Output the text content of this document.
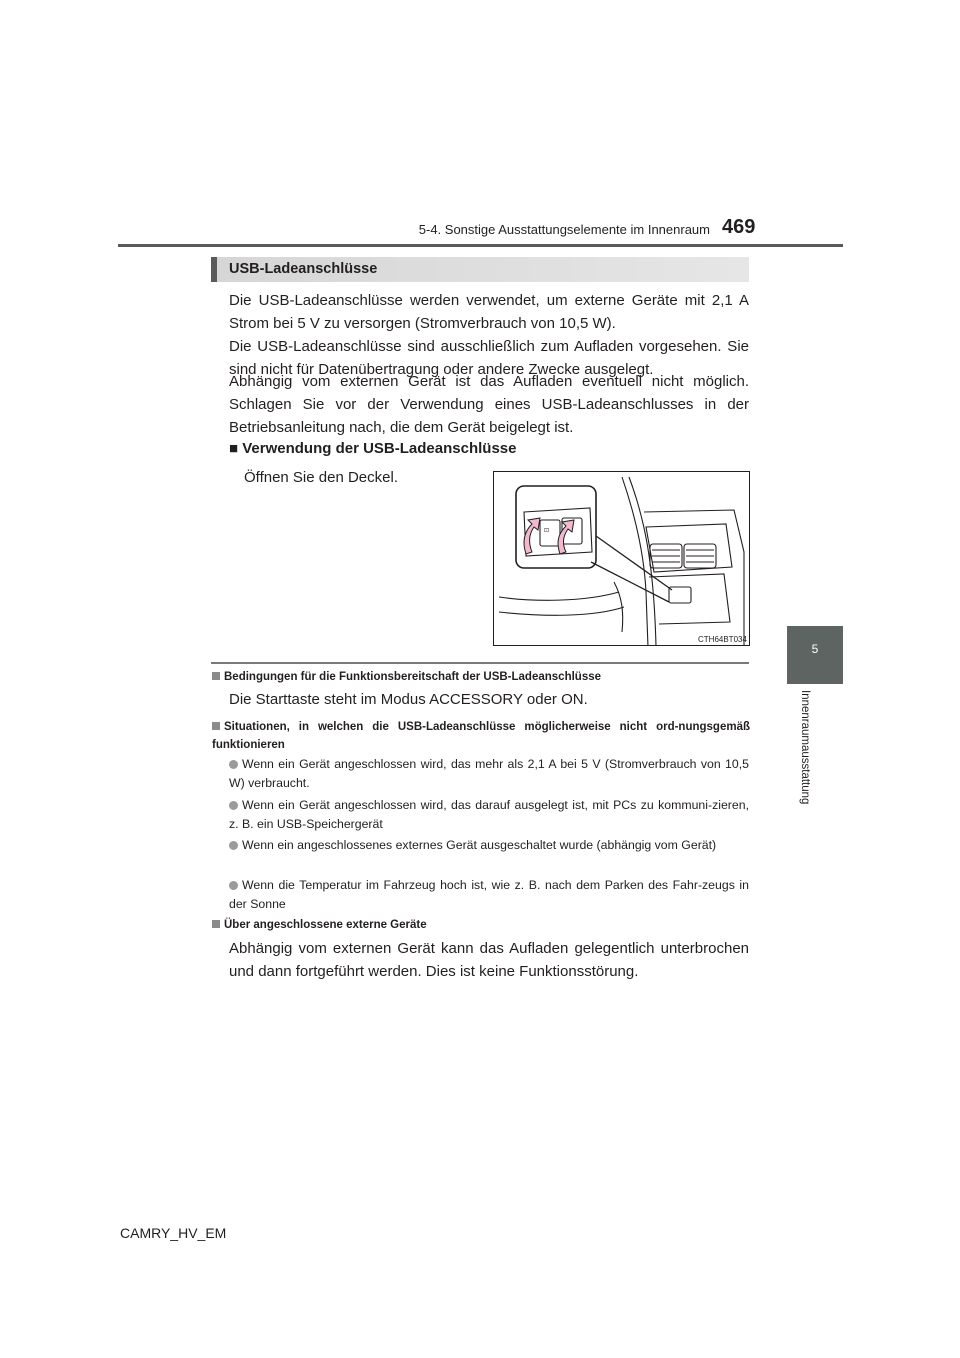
5-4. Sonstige Ausstattungselemente im Innenraum 469
5
Innenraumausstattung
USB-Ladeanschlüsse
Die USB-Ladeanschlüsse werden verwendet, um externe Geräte mit 2,1 A Strom bei 5 V zu versorgen (Stromverbrauch von 10,5 W).
Die USB-Ladeanschlüsse sind ausschließlich zum Aufladen vorgesehen. Sie sind nicht für Datenübertragung oder andere Zwecke ausgelegt.
Abhängig vom externen Gerät ist das Aufladen eventuell nicht möglich. Schlagen Sie vor der Verwendung eines USB-Ladeanschlusses in der Betriebsanleitung nach, die dem Gerät beigelegt ist.
■ Verwendung der USB-Ladeanschlüsse
Öffnen Sie den Deckel.
⊡
CTH64BT034
Bedingungen für die Funktionsbereitschaft der USB-Ladeanschlüsse
Die Starttaste steht im Modus ACCESSORY oder ON.
Situationen, in welchen die USB-Ladeanschlüsse möglicherweise nicht ord-nungsgemäß funktionieren
Wenn ein Gerät angeschlossen wird, das mehr als 2,1 A bei 5 V (Stromverbrauch von 10,5 W) verbraucht.
Wenn ein Gerät angeschlossen wird, das darauf ausgelegt ist, mit PCs zu kommuni-zieren, z. B. ein USB-Speichergerät
Wenn ein angeschlossenes externes Gerät ausgeschaltet wurde (abhängig vom Gerät)
Wenn die Temperatur im Fahrzeug hoch ist, wie z. B. nach dem Parken des Fahr-zeugs in der Sonne
Über angeschlossene externe Geräte
Abhängig vom externen Gerät kann das Aufladen gelegentlich unterbrochen und dann fortgeführt werden. Dies ist keine Funktionsstörung.
CAMRY_HV_EM
